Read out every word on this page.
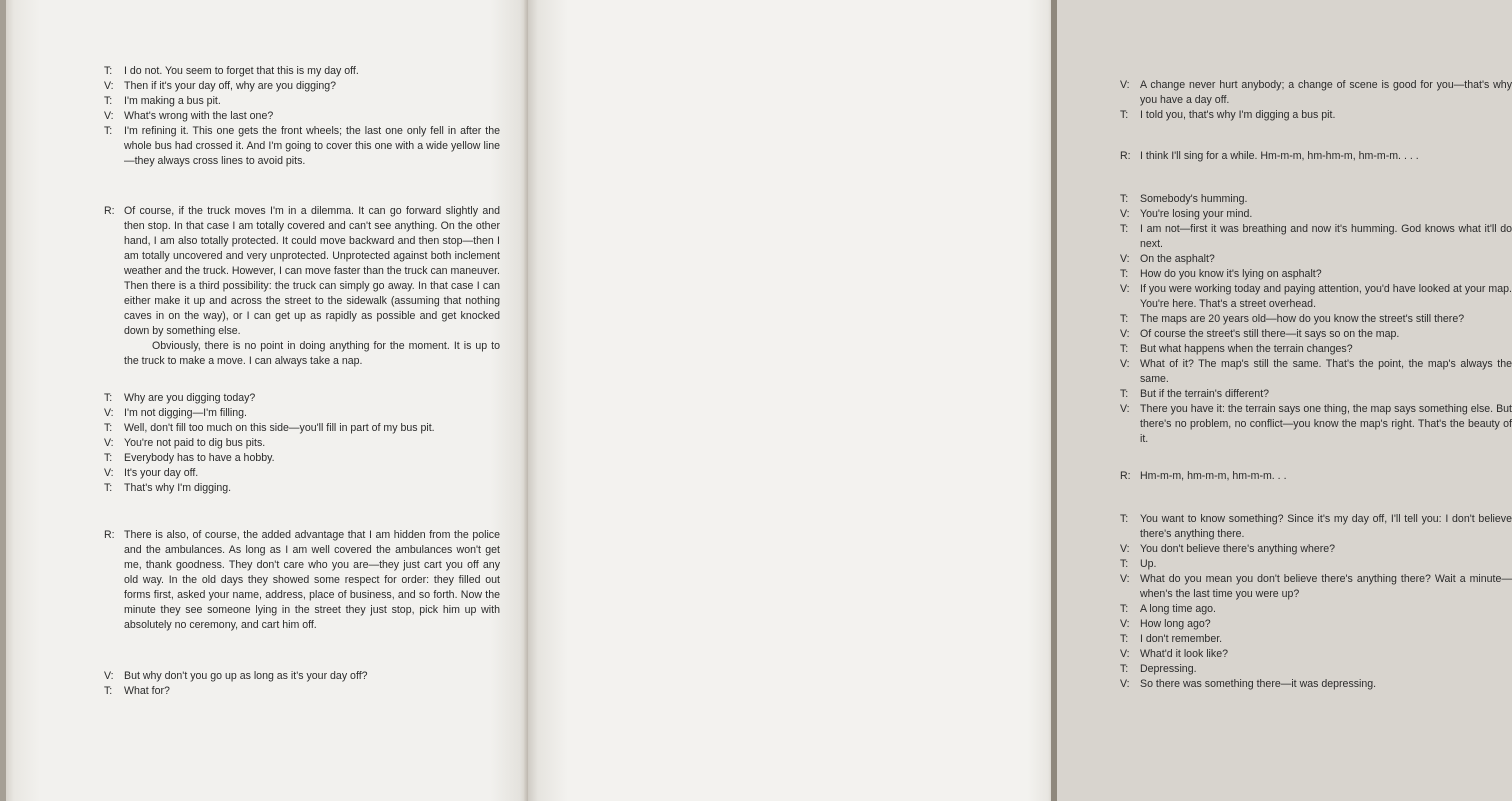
T:	I do not. You seem to forget that this is my day off.
V: Then if it's your day off, why are you digging?
T:	I'm making a bus pit.
V: What's wrong with the last one?
T:	I'm refining it. This one gets the front wheels; the last one only fell in after the whole bus had crossed it. And I'm going to cover this one with a wide yellow line—they always cross lines to avoid pits.
R: Of course, if the truck moves I'm in a dilemma. It can go forward slightly and then stop. In that case I am totally covered and can't see anything. On the other hand, I am also totally protected. It could move backward and then stop—then I am totally uncovered and very unprotected. Unprotected against both inclement weather and the truck. However, I can move faster than the truck can maneuver. Then there is a third possibility: the truck can simply go away. In that case I can either make it up and across the street to the sidewalk (assuming that nothing caves in on the way), or I can get up as rapidly as possible and get knocked down by something else.
Obviously, there is no point in doing anything for the moment. It is up to the truck to make a move. I can always take a nap.
T:	Why are you digging today?
V: I'm not digging—I'm filling.
T:	Well, don't fill too much on this side—you'll fill in part of my bus pit.
V: You're not paid to dig bus pits.
T:	Everybody has to have a hobby.
V: It's your day off.
T:	That's why I'm digging.
R: There is also, of course, the added advantage that I am hidden from the police and the ambulances. As long as I am well covered the ambulances won't get me, thank goodness. They don't care who you are—they just cart you off any old way. In the old days they showed some respect for order: they filled out forms first, asked your name, address, place of business, and so forth. Now the minute they see someone lying in the street they just stop, pick him up with absolutely no ceremony, and cart him off.
V: But why don't you go up as long as it's your day off?
T:	What for?
V: A change never hurt anybody; a change of scene is good for you—that's why you have a day off.
T:	I told you, that's why I'm digging a bus pit.
R: I think I'll sing for a while. Hm-m-m, hm-hm-m, hm-m-m. . . .
T:	Somebody's humming.
V: You're losing your mind.
T:	I am not—first it was breathing and now it's humming. God knows what it'll do next.
V: On the asphalt?
T:	How do you know it's lying on asphalt?
V: If you were working today and paying attention, you'd have looked at your map. You're here. That's a street overhead.
T:	The maps are 20 years old—how do you know the street's still there?
V: Of course the street's still there—it says so on the map.
T:	But what happens when the terrain changes?
V: What of it? The map's still the same. That's the point, the map's always the same.
T:	But if the terrain's different?
V: There you have it: the terrain says one thing, the map says something else. But there's no problem, no conflict—you know the map's right. That's the beauty of it.
R: Hm-m-m, hm-m-m, hm-m-m. . .
T:	You want to know something? Since it's my day off, I'll tell you: I don't believe there's anything there.
V: You don't believe there's anything where?
T:	Up.
V: What do you mean you don't believe there's anything there? Wait a minute—when's the last time you were up?
T:	A long time ago.
V: How long ago?
T:	I don't remember.
V: What'd it look like?
T:	Depressing.
V: So there was something there—it was depressing.
